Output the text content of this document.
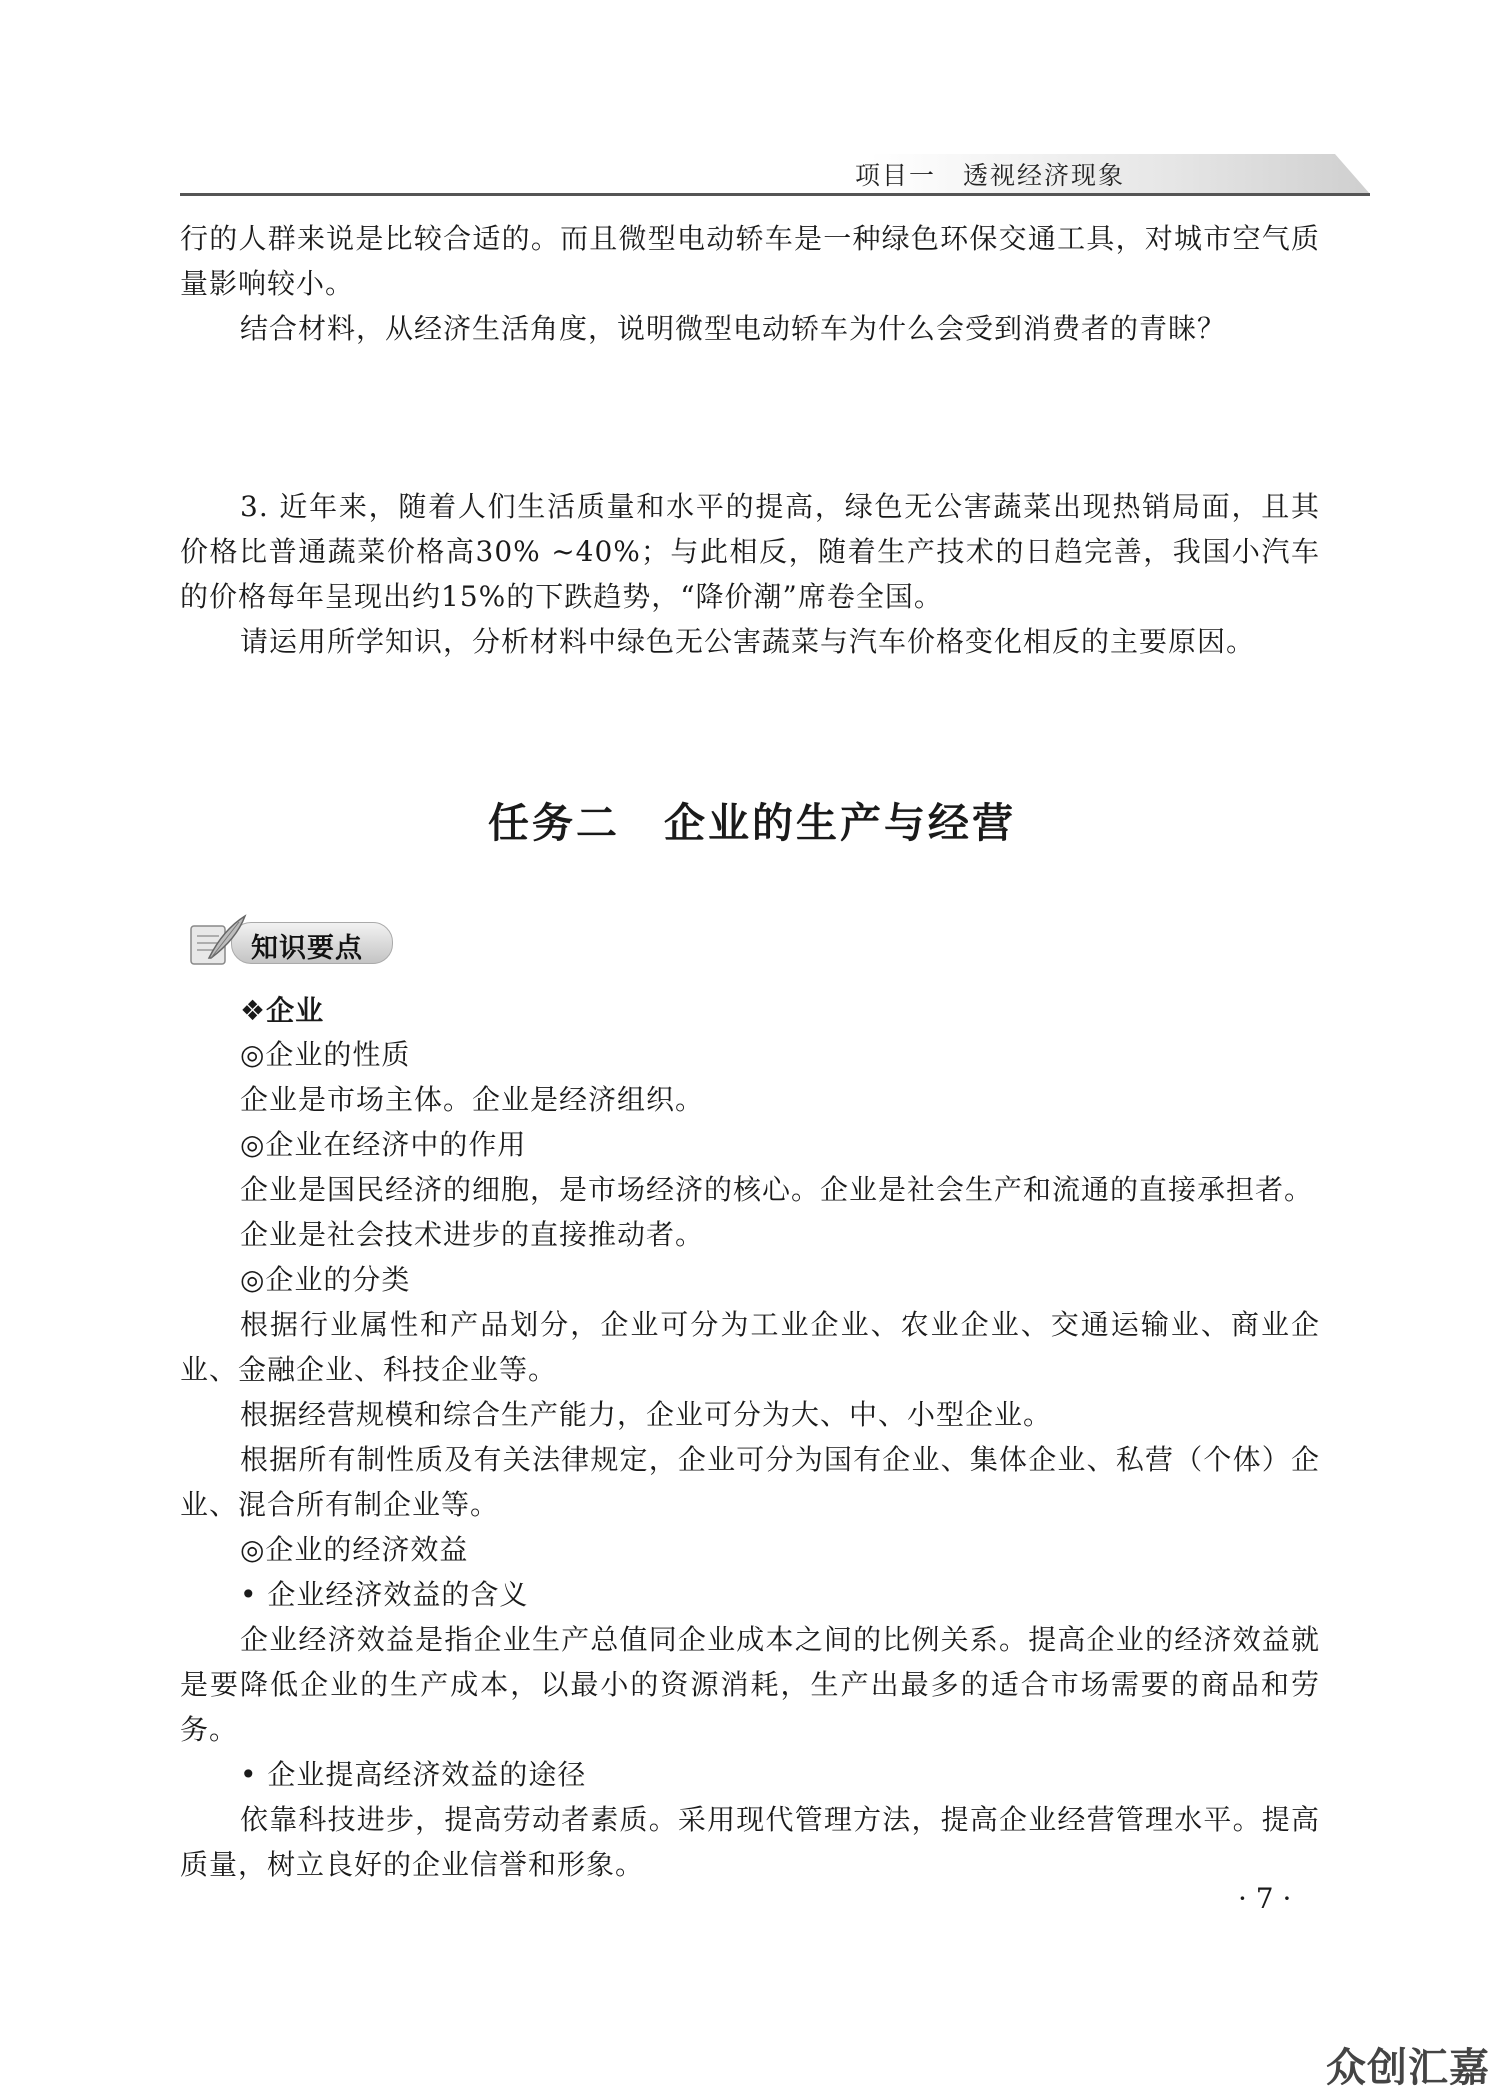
项目一　透视经济现象

行的人群来说是比较合适的。而且微型电动轿车是一种绿色环保交通工具，对城市空气质量影响较小。

结合材料，从经济生活角度，说明微型电动轿车为什么会受到消费者的青睐？

3. 近年来，随着人们生活质量和水平的提高，绿色无公害蔬菜出现热销局面，且其价格比普通蔬菜价格高30% ~40%；与此相反，随着生产技术的日趋完善，我国小汽车的价格每年呈现出约15%的下跌趋势，“降价潮”席卷全国。

请运用所学知识，分析材料中绿色无公害蔬菜与汽车价格变化相反的主要原因。

任务二　企业的生产与经营
知识要点

❖企业

◎企业的性质

企业是市场主体。企业是经济组织。

◎企业在经济中的作用

企业是国民经济的细胞，是市场经济的核心。企业是社会生产和流通的直接承担者。

企业是社会技术进步的直接推动者。

◎企业的分类

根据行业属性和产品划分，企业可分为工业企业、农业企业、交通运输业、商业企业、金融企业、科技企业等。

根据经营规模和综合生产能力，企业可分为大、中、小型企业。

根据所有制性质及有关法律规定，企业可分为国有企业、集体企业、私营（个体）企业、混合所有制企业等。

◎企业的经济效益

• 企业经济效益的含义

企业经济效益是指企业生产总值同企业成本之间的比例关系。提高企业的经济效益就是要降低企业的生产成本，以最小的资源消耗，生产出最多的适合市场需要的商品和劳务。

• 企业提高经济效益的途径

依靠科技进步，提高劳动者素质。采用现代管理方法，提高企业经营管理水平。提高质量，树立良好的企业信誉和形象。

· 7 ·
众创汇嘉
